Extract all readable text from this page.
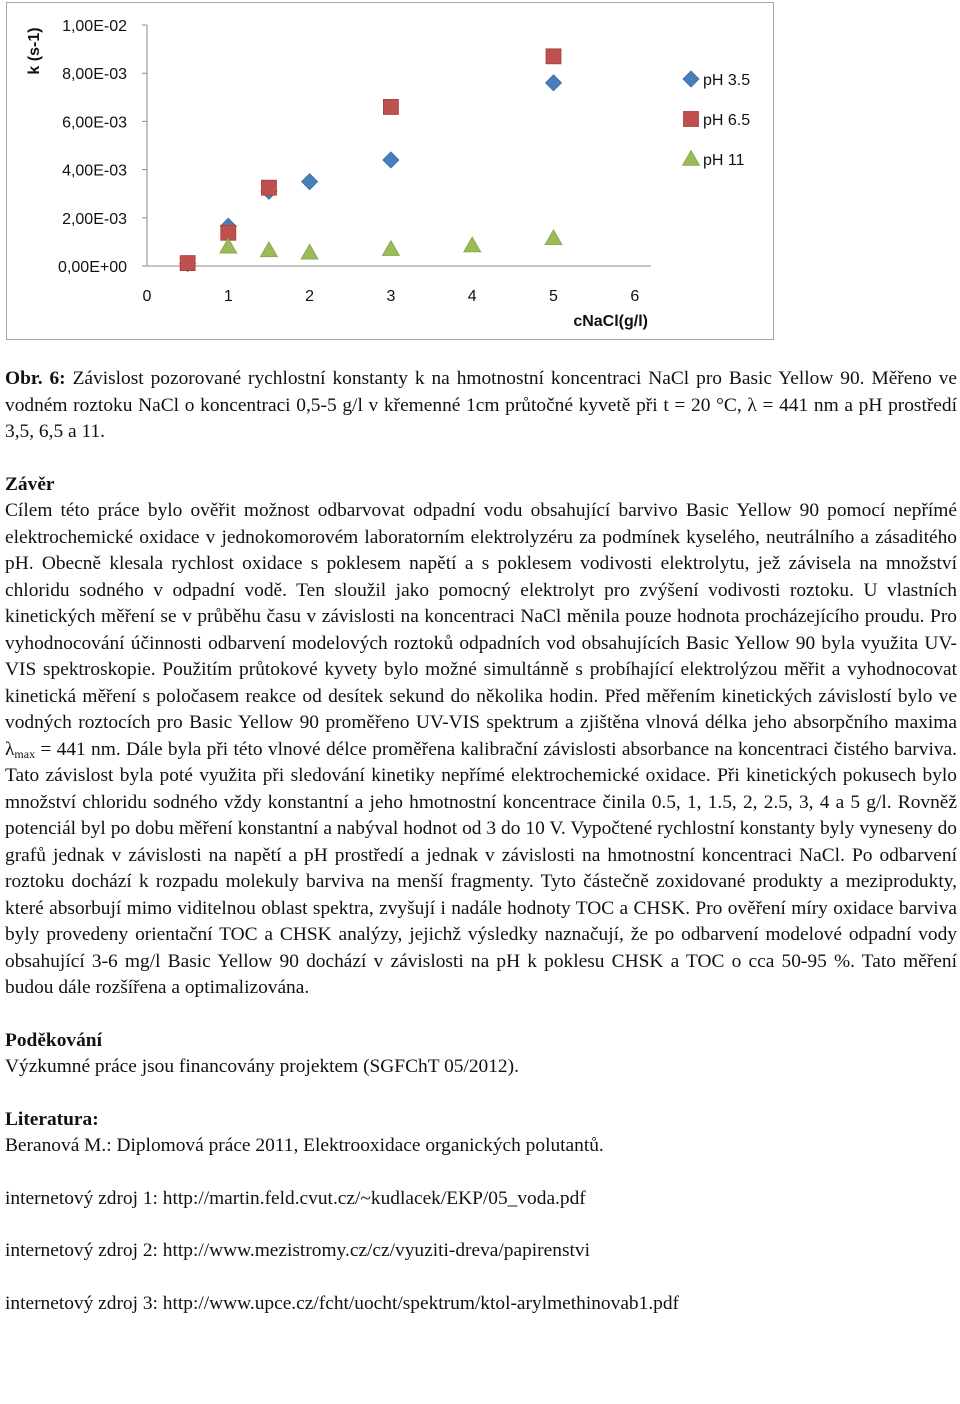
0,00E+00
2,00E-03
4,00E-03
6,00E-03
8,00E-03
1,00E-02
0	1	2	3	4	5	6
k (s-1)
cNaCl(g/l)
pH 3.5
pH 6.5
pH 11

Obr. 6: Závislost pozorované rychlostní konstanty k na hmotnostní koncentraci NaCl pro Basic Yellow 90. Měřeno ve vodném roztoku NaCl o koncentraci 0,5-5 g/l v křemenné 1cm průtočné kyvetě při t = 20 °C, λ = 441 nm a pH prostředí 3,5, 6,5 a 11.

Závěr

Cílem této práce bylo ověřit možnost odbarvovat odpadní vodu obsahující barvivo Basic Yellow 90 pomocí nepřímé elektrochemické oxidace v jednokomorovém laboratorním elektrolyzéru za podmínek kyselého, neutrálního a zásaditého pH. Obecně klesala rychlost oxidace s poklesem napětí a s poklesem vodivosti elektrolytu, jež závisela na množství chloridu sodného v odpadní vodě. Ten sloužil jako pomocný elektrolyt pro zvýšení vodivosti roztoku. U vlastních kinetických měření se v průběhu času v závislosti na koncentraci NaCl měnila pouze hodnota procházejícího proudu. Pro vyhodnocování účinnosti odbarvení modelových roztoků odpadních vod obsahujících Basic Yellow 90 byla využita UV-VIS spektroskopie. Použitím průtokové kyvety bylo možné simultánně s probíhající elektrolýzou měřit a vyhodnocovat kinetická měření s poločasem reakce od desítek sekund do několika hodin. Před měřením kinetických závislostí bylo ve vodných roztocích pro Basic Yellow 90 proměřeno UV-VIS spektrum a zjištěna vlnová délka jeho absorpčního maxima $\lambda_{max} = 441$ nm. Dále byla při této vlnové délce proměřena kalibrační závislosti absorbance na koncentraci čistého barviva. Tato závislost byla poté využita při sledování kinetiky nepřímé elektrochemické oxidace. Při kinetických pokusech bylo množství chloridu sodného vždy konstantní a jeho hmotnostní koncentrace činila 0.5, 1, 1.5, 2, 2.5, 3, 4 a 5 g/l. Rovněž potenciál byl po dobu měření konstantní a nabýval hodnot od 3 do 10 V. Vypočtené rychlostní konstanty byly vyneseny do grafů jednak v závislosti na napětí a pH prostředí a jednak v závislosti na hmotnostní koncentraci NaCl. Po odbarvení roztoku dochází k rozpadu molekuly barviva na menší fragmenty. Tyto částečně zoxidované produkty a meziprodukty, které absorbují mimo viditelnou oblast spektra, zvyšují i nadále hodnoty TOC a CHSK. Pro ověření míry oxidace barviva byly provedeny orientační TOC a CHSK analýzy, jejichž výsledky naznačují, že po odbarvení modelové odpadní vody obsahující 3-6 mg/l Basic Yellow 90 dochází v závislosti na pH k poklesu CHSK a TOC o cca 50-95 %. Tato měření budou dále rozšířena a optimalizována.

Poděkování

Výzkumné práce jsou financovány projektem (SGFChT 05/2012).

Literatura:

Beranová M.: Diplomová práce 2011, Elektrooxidace organických polutantů.

internetový zdroj 1: http://martin.feld.cvut.cz/~kudlacek/EKP/05_voda.pdf

internetový zdroj 2: http://www.mezistromy.cz/cz/vyuziti-dreva/papirenstvi

internetový zdroj 3: http://www.upce.cz/fcht/uocht/spektrum/ktol-arylmethinovab1.pdf
